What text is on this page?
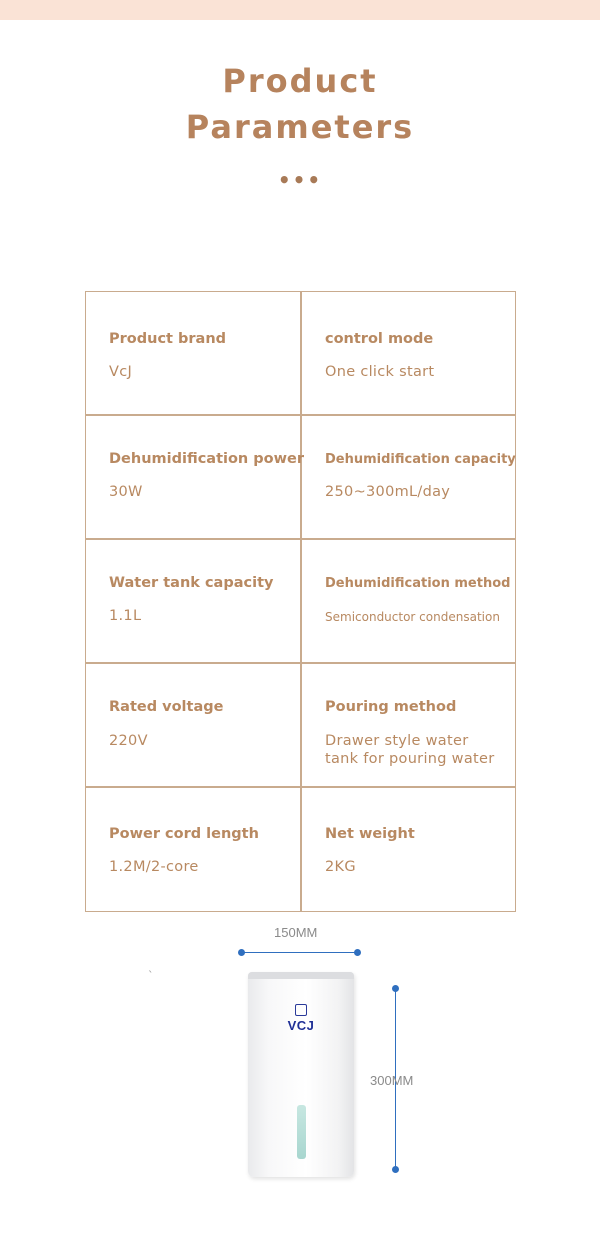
Product
Parameters
•••
Product brand
VcJ
control mode
One click start
Dehumidification power
30W
Dehumidification capacity
250~300mL/day
Water tank capacity
1.1L
Dehumidification method
Semiconductor condensation
Rated voltage
220V
Pouring method
Drawer style water tank for pouring water
Power cord length
1.2M/2-core
Net weight
2KG
150MM
`
VCJ
300MM
